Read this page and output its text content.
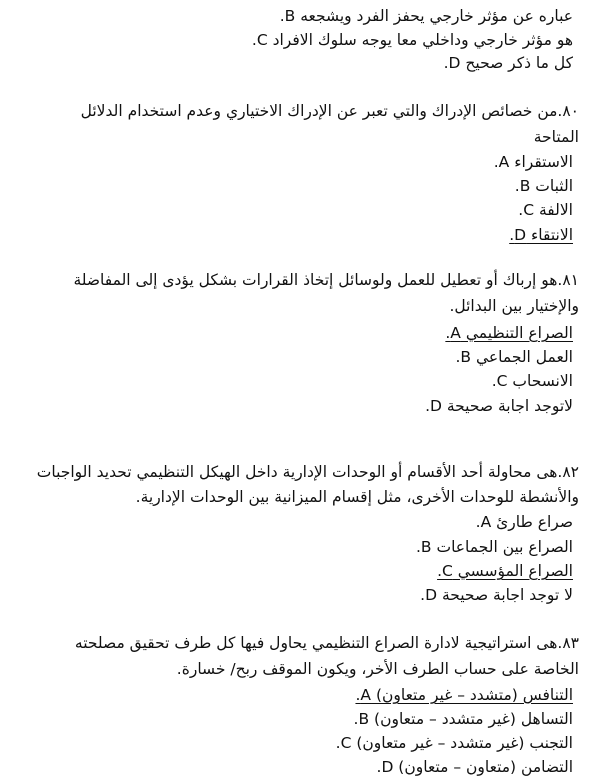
عباره عن مؤثر خارجي يحفز الفرد ويشجعه B.
هو مؤثر خارجي وداخلي معا يوجه سلوك الافراد C.
كل ما ذكر صحيح D.
٨٠.من خصائص الإدراك والتي تعبر عن الإدراك الاختياري وعدم استخدام الدلائل
المتاحة
الاستقراء A.
الثبات B.
الالفة C.
الانتقاء D.
٨١.هو إرباك أو تعطيل للعمل ولوسائل إتخاذ القرارات بشكل يؤدى إلى المفاضلة
والإختيار بين البدائل.
الصراع التنظيمي A.
العمل الجماعي B.
الانسحاب C.
لاتوجد اجابة صحيحة D.
٨٢.هى محاولة أحد الأقسام أو الوحدات الإدارية داخل الهيكل التنظيمي تحديد الواجبات
والأنشطة للوحدات الأخرى، مثل إقسام الميزانية بين الوحدات الإدارية.
صراع طارئ A.
الصراع بين الجماعات B.
الصراع المؤسسي C.
لا توجد اجابة صحيحة D.
٨٣.هى استراتيجية لادارة الصراع التنظيمي يحاول فيها كل طرف تحقيق مصلحته
الخاصة على حساب الطرف الأخر، ويكون الموقف ربح/ خسارة.
التنافس (متشدد – غير متعاون) A.
التساهل (غير متشدد – متعاون) B.
التجنب (غير متشدد – غير متعاون) C.
التضامن (متعاون – متعاون) D.
